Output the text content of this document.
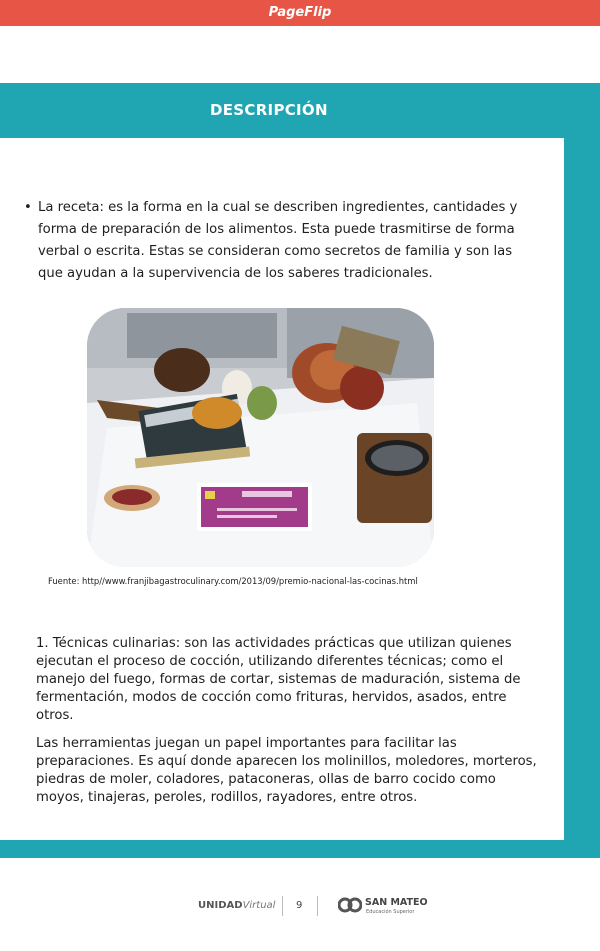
PageFlip
DESCRIPCIÓN
• La receta: es la forma en la cual se describen ingredientes, cantidades y forma de preparación de los alimentos. Esta puede trasmitirse de forma verbal o escrita. Estas se consideran como secretos de familia y son las que ayudan a la supervivencia de los saberes tradicionales.
Fuente: http//www.franjibagastroculinary.com/2013/09/premio-nacional-las-cocinas.html

1. Técnicas culinarias: son las actividades prácticas que utilizan quienes ejecutan el proceso de cocción, utilizando diferentes técnicas; como el manejo del fuego, formas de cortar, sistemas de maduración, sistema de fermentación, modos de cocción como frituras, hervidos, asados, entre otros.

Las herramientas juegan un papel importantes para facilitar las preparaciones. Es aquí donde aparecen los molinillos, moledores, morteros, piedras de moler, coladores, pataconeras, ollas de barro cocido como moyos, tinajeras, peroles, rodillos, rayadores, entre otros.

UNIDADVirtual 9	SAN MATEO
Educación Superior
